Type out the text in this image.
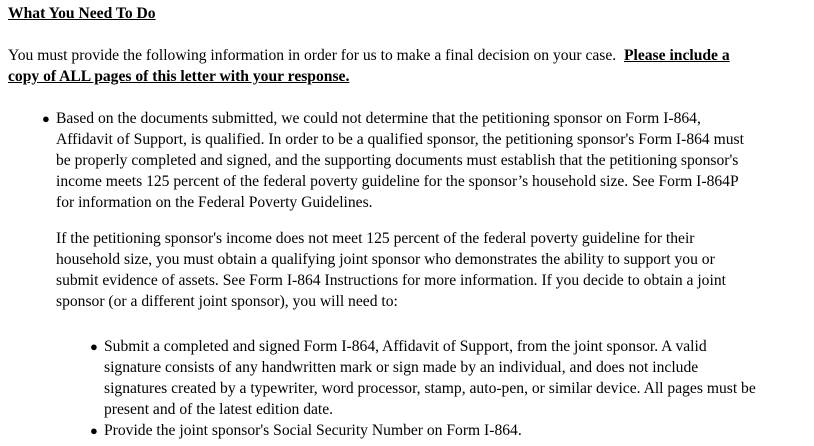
What You Need To Do
You must provide the following information in order for us to make a final decision on your case. Please include a
copy of ALL pages of this letter with your response.
● Based on the documents submitted, we could not determine that the petitioning sponsor on Form I-864,
Affidavit of Support, is qualified. In order to be a qualified sponsor, the petitioning sponsor's Form I-864 must
be properly completed and signed, and the supporting documents must establish that the petitioning sponsor's
income meets 125 percent of the federal poverty guideline for the sponsor’s household size. See Form I-864P
for information on the Federal Poverty Guidelines.
If the petitioning sponsor's income does not meet 125 percent of the federal poverty guideline for their
household size, you must obtain a qualifying joint sponsor who demonstrates the ability to support you or
submit evidence of assets. See Form I-864 Instructions for more information. If you decide to obtain a joint
sponsor (or a different joint sponsor), you will need to:
● Submit a completed and signed Form I-864, Affidavit of Support, from the joint sponsor. A valid
signature consists of any handwritten mark or sign made by an individual, and does not include
signatures created by a typewriter, word processor, stamp, auto-pen, or similar device. All pages must be
present and of the latest edition date.
● Provide the joint sponsor's Social Security Number on Form I-864.
